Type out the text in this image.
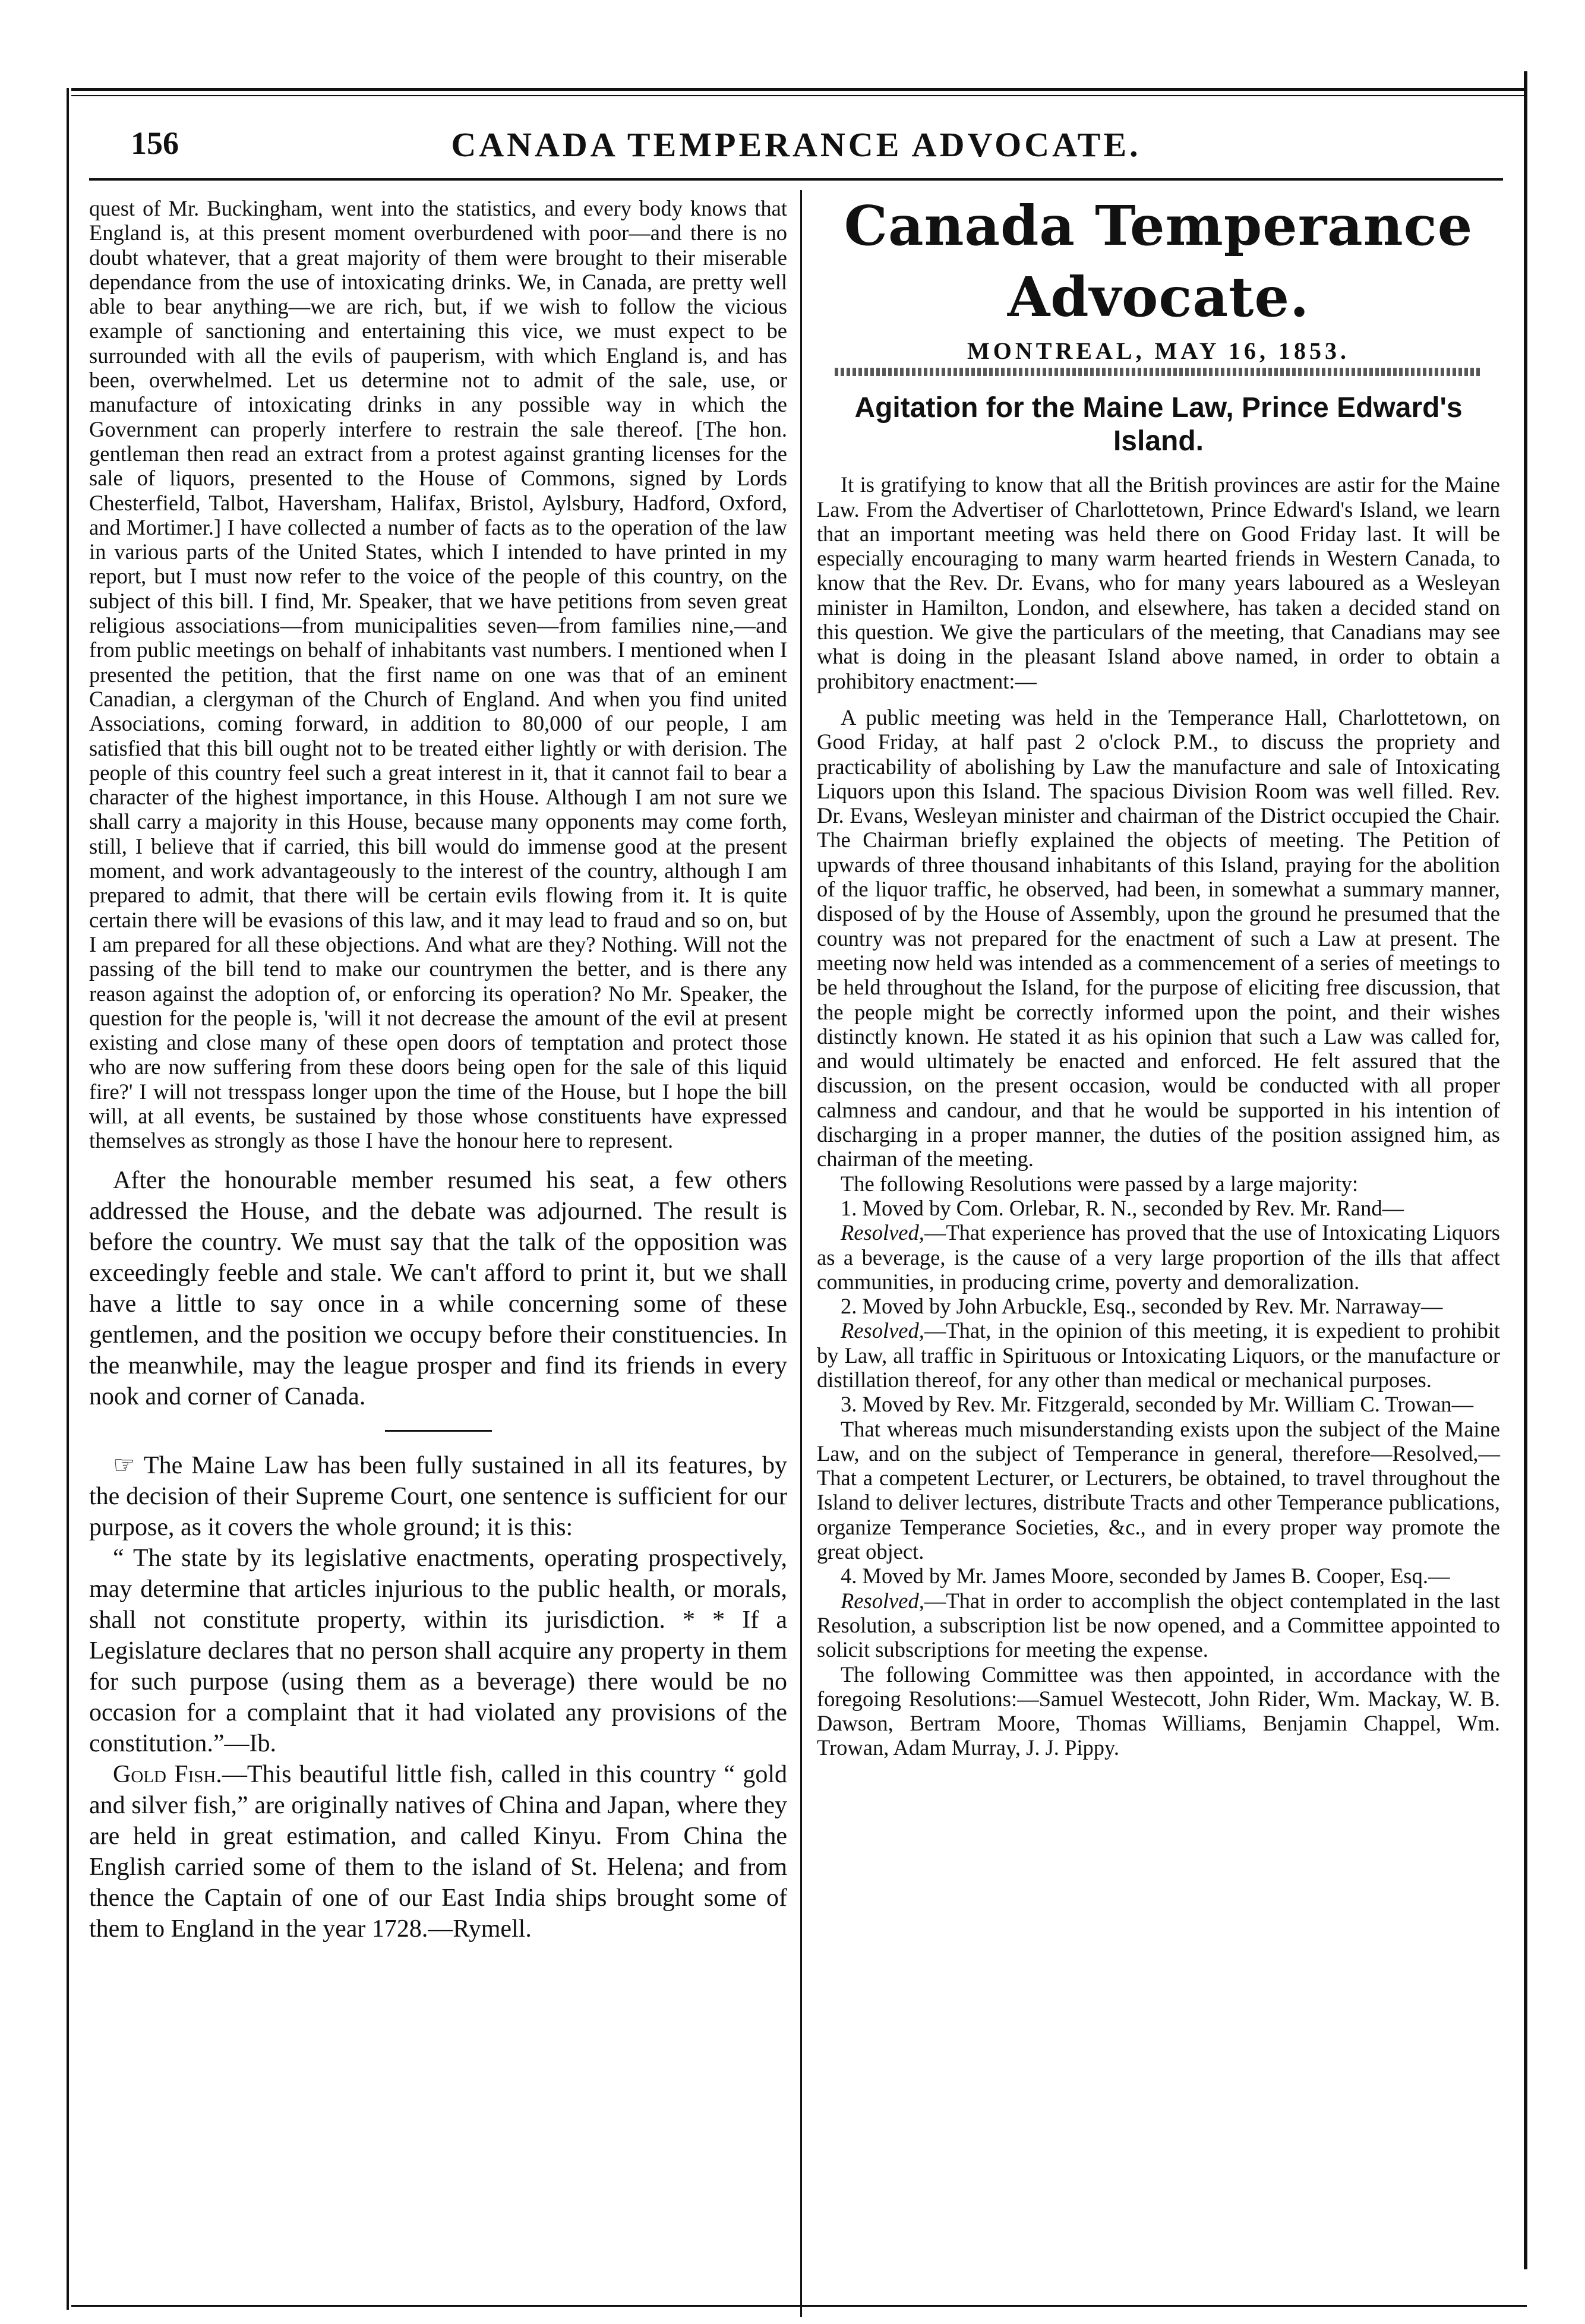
156	CANADA TEMPERANCE ADVOCATE.

quest of Mr. Buckingham, went into the statistics, and every body knows that England is, at this present moment overburdened with poor—and there is no doubt whatever, that a great majority of them were brought to their miserable dependance from the use of intoxicating drinks. We, in Canada, are pretty well able to bear anything—we are rich, but, if we wish to follow the vicious example of sanctioning and entertaining this vice, we must expect to be surrounded with all the evils of pauperism, with which England is, and has been, overwhelmed. Let us determine not to admit of the sale, use, or manufacture of intoxicating drinks in any possible way in which the Government can properly interfere to restrain the sale thereof. [The hon. gentleman then read an extract from a protest against granting licenses for the sale of liquors, presented to the House of Commons, signed by Lords Chesterfield, Talbot, Haversham, Halifax, Bristol, Aylsbury, Hadford, Oxford, and Mortimer.] I have collected a number of facts as to the operation of the law in various parts of the United States, which I intended to have printed in my report, but I must now refer to the voice of the people of this country, on the subject of this bill. I find, Mr. Speaker, that we have petitions from seven great religious associations—from municipalities seven—from families nine,—and from public meetings on behalf of inhabitants vast numbers. I mentioned when I presented the petition, that the first name on one was that of an eminent Canadian, a clergyman of the Church of England. And when you find united Associations, coming forward, in addition to 80,000 of our people, I am satisfied that this bill ought not to be treated either lightly or with derision. The people of this country feel such a great interest in it, that it cannot fail to bear a character of the highest importance, in this House. Although I am not sure we shall carry a majority in this House, because many opponents may come forth, still, I believe that if carried, this bill would do immense good at the present moment, and work advantageously to the interest of the country, although I am prepared to admit, that there will be certain evils flowing from it. It is quite certain there will be evasions of this law, and it may lead to fraud and so on, but I am prepared for all these objections. And what are they? Nothing. Will not the passing of the bill tend to make our countrymen the better, and is there any reason against the adoption of, or enforcing its operation? No Mr. Speaker, the question for the people is, 'will it not decrease the amount of the evil at present existing and close many of these open doors of temptation and protect those who are now suffering from these doors being open for the sale of this liquid fire?' I will not tresspass longer upon the time of the House, but I hope the bill will, at all events, be sustained by those whose constituents have expressed themselves as strongly as those I have the honour here to represent.

After the honourable member resumed his seat, a few others addressed the House, and the debate was adjourned. The result is before the country. We must say that the talk of the opposition was exceedingly feeble and stale. We can't afford to print it, but we shall have a little to say once in a while concerning some of these gentlemen, and the position we occupy before their constituencies. In the meanwhile, may the league prosper and find its friends in every nook and corner of Canada.

☞ The Maine Law has been fully sustained in all its features, by the decision of their Supreme Court, one sentence is sufficient for our purpose, as it covers the whole ground; it is this:

“ The state by its legislative enactments, operating prospectively, may determine that articles injurious to the public health, or morals, shall not constitute property, within its jurisdiction. * * If a Legislature declares that no person shall acquire any property in them for such purpose (using them as a beverage) there would be no occasion for a complaint that it had violated any provisions of the constitution.”—Ib.

Gold Fish.—This beautiful little fish, called in this country “ gold and silver fish,” are originally natives of China and Japan, where they are held in great estimation, and called Kinyu. From China the English carried some of them to the island of St. Helena; and from thence the Captain of one of our East India ships brought some of them to England in the year 1728.—Rymell.

Canada Temperance Advocate.
MONTREAL, MAY 16, 1853.
Agitation for the Maine Law, Prince Edward's Island.

It is gratifying to know that all the British provinces are astir for the Maine Law. From the Advertiser of Charlottetown, Prince Edward's Island, we learn that an important meeting was held there on Good Friday last. It will be especially encouraging to many warm hearted friends in Western Canada, to know that the Rev. Dr. Evans, who for many years laboured as a Wesleyan minister in Hamilton, London, and elsewhere, has taken a decided stand on this question. We give the particulars of the meeting, that Canadians may see what is doing in the pleasant Island above named, in order to obtain a prohibitory enactment:—

A public meeting was held in the Temperance Hall, Charlottetown, on Good Friday, at half past 2 o'clock P.M., to discuss the propriety and practicability of abolishing by Law the manufacture and sale of Intoxicating Liquors upon this Island. The spacious Division Room was well filled. Rev. Dr. Evans, Wesleyan minister and chairman of the District occupied the Chair. The Chairman briefly explained the objects of meeting. The Petition of upwards of three thousand inhabitants of this Island, praying for the abolition of the liquor traffic, he observed, had been, in somewhat a summary manner, disposed of by the House of Assembly, upon the ground he presumed that the country was not prepared for the enactment of such a Law at present. The meeting now held was intended as a commencement of a series of meetings to be held throughout the Island, for the purpose of eliciting free discussion, that the people might be correctly informed upon the point, and their wishes distinctly known. He stated it as his opinion that such a Law was called for, and would ultimately be enacted and enforced. He felt assured that the discussion, on the present occasion, would be conducted with all proper calmness and candour, and that he would be supported in his intention of discharging in a proper manner, the duties of the position assigned him, as chairman of the meeting.

The following Resolutions were passed by a large majority:

1. Moved by Com. Orlebar, R. N., seconded by Rev. Mr. Rand—

Resolved,—That experience has proved that the use of Intoxicating Liquors as a beverage, is the cause of a very large proportion of the ills that affect communities, in producing crime, poverty and demoralization.

2. Moved by John Arbuckle, Esq., seconded by Rev. Mr. Narraway—

Resolved,—That, in the opinion of this meeting, it is expedient to prohibit by Law, all traffic in Spirituous or Intoxicating Liquors, or the manufacture or distillation thereof, for any other than medical or mechanical purposes.

3. Moved by Rev. Mr. Fitzgerald, seconded by Mr. William C. Trowan—

That whereas much misunderstanding exists upon the subject of the Maine Law, and on the subject of Temperance in general, therefore—Resolved,—That a competent Lecturer, or Lecturers, be obtained, to travel throughout the Island to deliver lectures, distribute Tracts and other Temperance publications, organize Temperance Societies, &c., and in every proper way promote the great object.

4. Moved by Mr. James Moore, seconded by James B. Cooper, Esq.—

Resolved,—That in order to accomplish the object contemplated in the last Resolution, a subscription list be now opened, and a Committee appointed to solicit subscriptions for meeting the expense.

The following Committee was then appointed, in accordance with the foregoing Resolutions:—Samuel Westecott, John Rider, Wm. Mackay, W. B. Dawson, Bertram Moore, Thomas Williams, Benjamin Chappel, Wm. Trowan, Adam Murray, J. J. Pippy.
